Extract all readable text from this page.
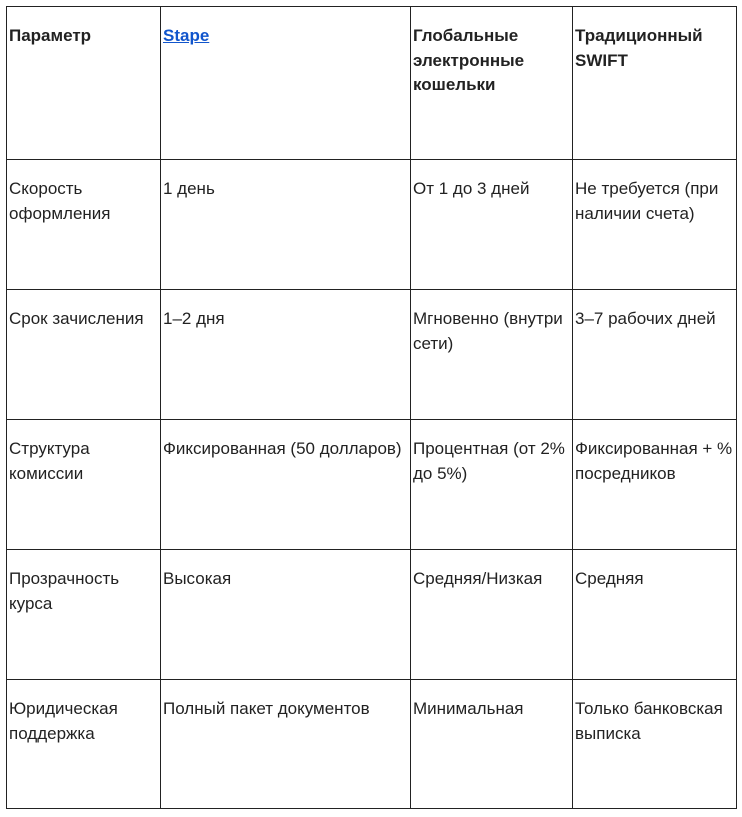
Параметр	Stape	Глобальные электронные кошельки	Традиционный SWIFT
Скорость оформления	1 день	От 1 до 3 дней	Не требуется (при наличии счета)
Срок зачисления	1–2 дня	Мгновенно (внутри сети)	3–7 рабочих дней
Структура комиссии	Фиксированная (50 долларов)	Процентная (от 2% до 5%)	Фиксированная + % посредников
Прозрачность курса	Высокая	Средняя/Низкая	Средняя
Юридическая поддержка	Полный пакет документов	Минимальная	Только банковская выписка
